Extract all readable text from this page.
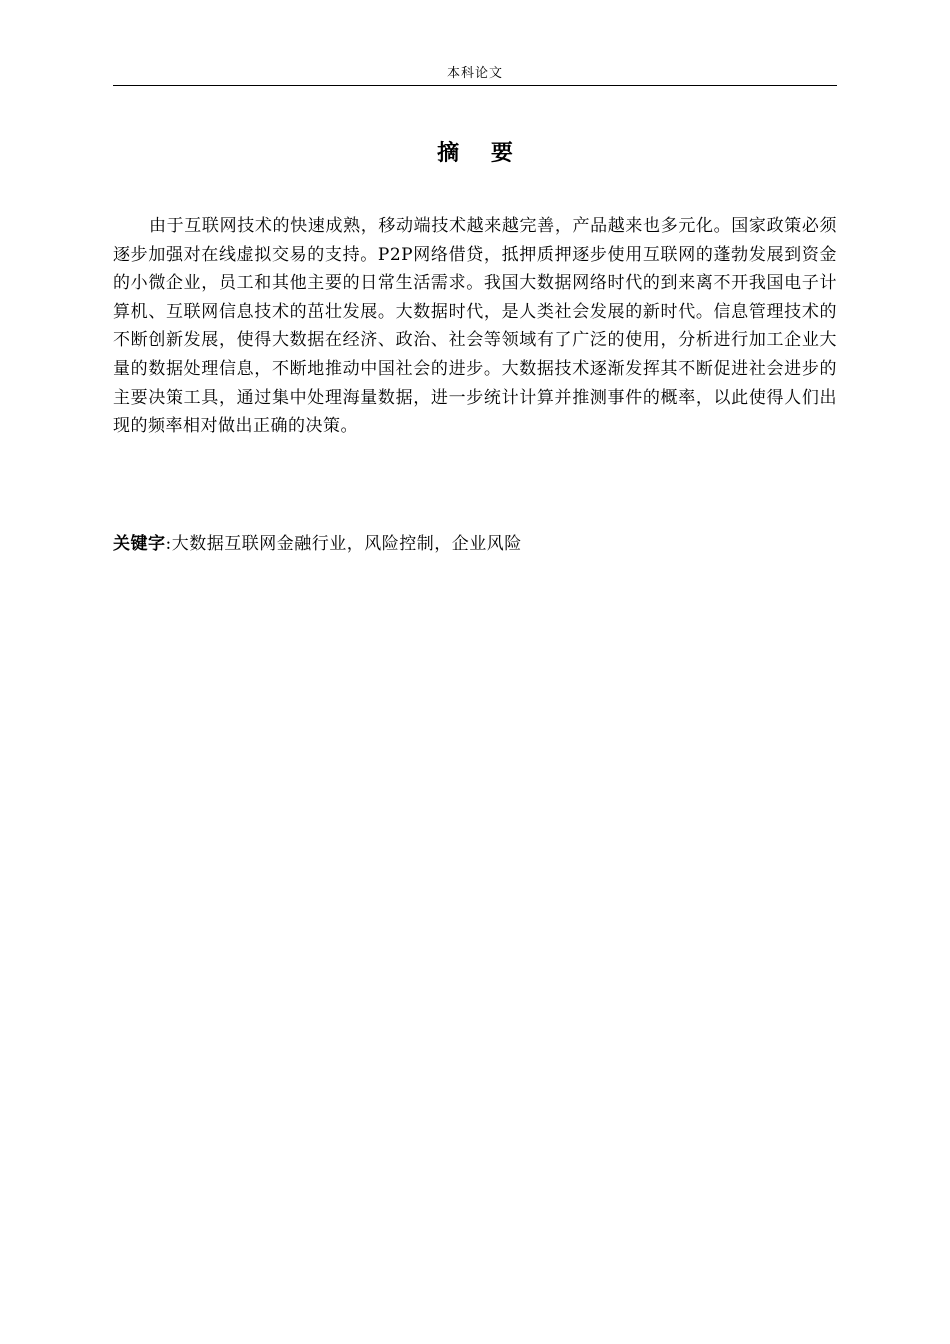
本科论文
摘 要

由于互联网技术的快速成熟，移动端技术越来越完善，产品越来也多元化。国家政策必须逐步加强对在线虚拟交易的支持。P2P网络借贷，抵押质押逐步使用互联网的蓬勃发展到资金的小微企业，员工和其他主要的日常生活需求。我国大数据网络时代的到来离不开我国电子计算机、互联网信息技术的茁壮发展。大数据时代，是人类社会发展的新时代。信息管理技术的不断创新发展，使得大数据在经济、政治、社会等领域有了广泛的使用，分析进行加工企业大量的数据处理信息，不断地推动中国社会的进步。大数据技术逐渐发挥其不断促进社会进步的主要决策工具，通过集中处理海量数据，进一步统计计算并推测事件的概率，以此使得人们出现的频率相对做出正确的决策。

关键字:大数据互联网金融行业，风险控制，企业风险
